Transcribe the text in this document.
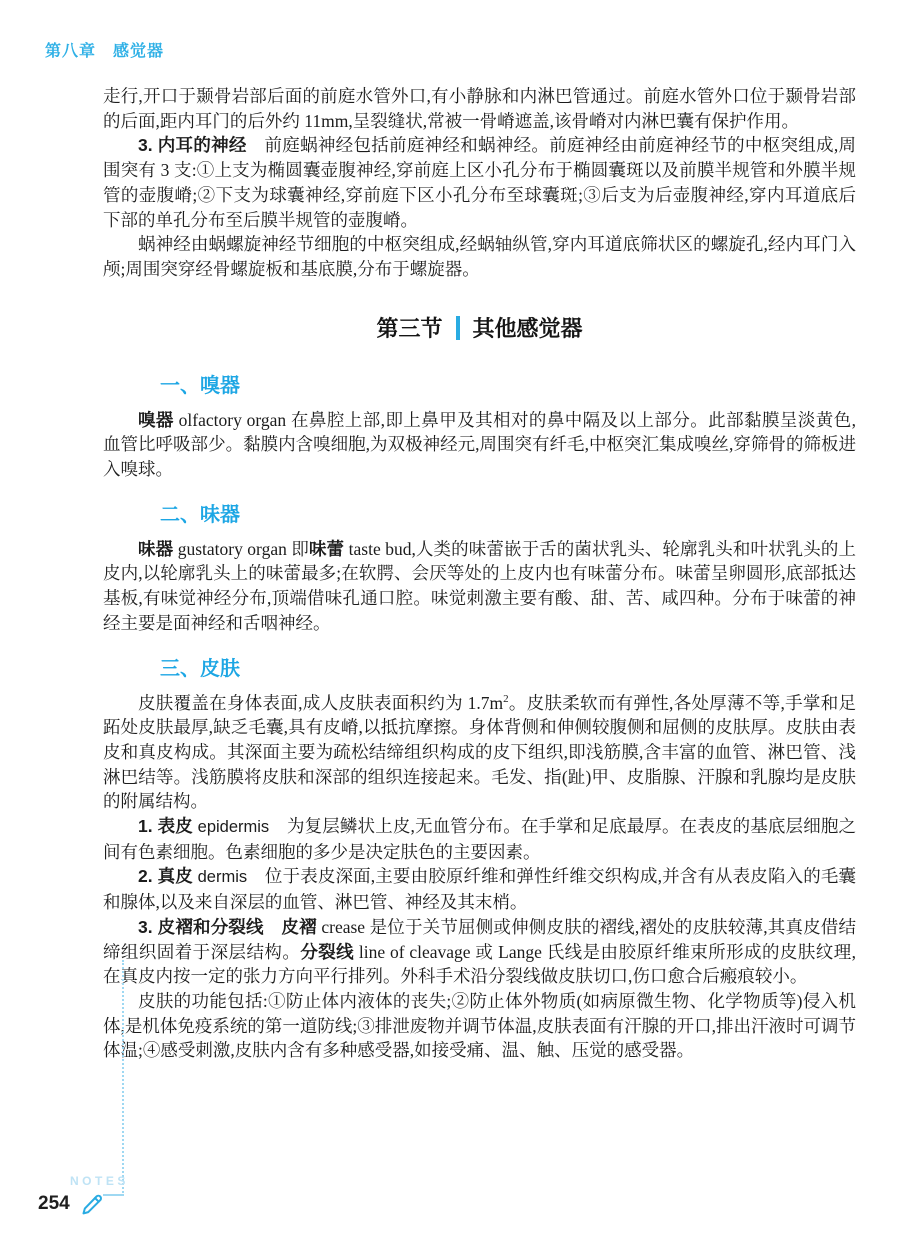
第八章　感觉器

走行,开口于颞骨岩部后面的前庭水管外口,有小静脉和内淋巴管通过。前庭水管外口位于颞骨岩部的后面,距内耳门的后外约 11mm,呈裂缝状,常被一骨嵴遮盖,该骨嵴对内淋巴囊有保护作用。

3. 内耳的神经　前庭蜗神经包括前庭神经和蜗神经。前庭神经由前庭神经节的中枢突组成,周围突有 3 支:①上支为椭圆囊壶腹神经,穿前庭上区小孔分布于椭圆囊斑以及前膜半规管和外膜半规管的壶腹嵴;②下支为球囊神经,穿前庭下区小孔分布至球囊斑;③后支为后壶腹神经,穿内耳道底后下部的单孔分布至后膜半规管的壶腹嵴。

蜗神经由蜗螺旋神经节细胞的中枢突组成,经蜗轴纵管,穿内耳道底筛状区的螺旋孔,经内耳门入颅;周围突穿经骨螺旋板和基底膜,分布于螺旋器。

第三节 其他感觉器
一、嗅器

嗅器 olfactory organ 在鼻腔上部,即上鼻甲及其相对的鼻中隔及以上部分。此部黏膜呈淡黄色,血管比呼吸部少。黏膜内含嗅细胞,为双极神经元,周围突有纤毛,中枢突汇集成嗅丝,穿筛骨的筛板进入嗅球。

二、味器

味器 gustatory organ 即味蕾 taste bud,人类的味蕾嵌于舌的菌状乳头、轮廓乳头和叶状乳头的上皮内,以轮廓乳头上的味蕾最多;在软腭、会厌等处的上皮内也有味蕾分布。味蕾呈卵圆形,底部抵达基板,有味觉神经分布,顶端借味孔通口腔。味觉刺激主要有酸、甜、苦、咸四种。分布于味蕾的神经主要是面神经和舌咽神经。

三、皮肤

皮肤覆盖在身体表面,成人皮肤表面积约为 $1.7m^2$。皮肤柔软而有弹性,各处厚薄不等,手掌和足跖处皮肤最厚,缺乏毛囊,具有皮嵴,以抵抗摩擦。身体背侧和伸侧较腹侧和屈侧的皮肤厚。皮肤由表皮和真皮构成。其深面主要为疏松结缔组织构成的皮下组织,即浅筋膜,含丰富的血管、淋巴管、浅淋巴结等。浅筋膜将皮肤和深部的组织连接起来。毛发、指(趾)甲、皮脂腺、汗腺和乳腺均是皮肤的附属结构。

1. 表皮 epidermis　为复层鳞状上皮,无血管分布。在手掌和足底最厚。在表皮的基底层细胞之间有色素细胞。色素细胞的多少是决定肤色的主要因素。

2. 真皮 dermis　位于表皮深面,主要由胶原纤维和弹性纤维交织构成,并含有从表皮陷入的毛囊和腺体,以及来自深层的血管、淋巴管、神经及其末梢。

3. 皮褶和分裂线　皮褶 crease 是位于关节屈侧或伸侧皮肤的褶线,褶处的皮肤较薄,其真皮借结缔组织固着于深层结构。分裂线 line of cleavage 或 Lange 氏线是由胶原纤维束所形成的皮肤纹理,在真皮内按一定的张力方向平行排列。外科手术沿分裂线做皮肤切口,伤口愈合后瘢痕较小。

皮肤的功能包括:①防止体内液体的丧失;②防止体外物质(如病原微生物、化学物质等)侵入机体,是机体免疫系统的第一道防线;③排泄废物并调节体温,皮肤表面有汗腺的开口,排出汗液时可调节体温;④感受刺激,皮肤内含有多种感受器,如接受痛、温、触、压觉的感受器。

NOTES
254
